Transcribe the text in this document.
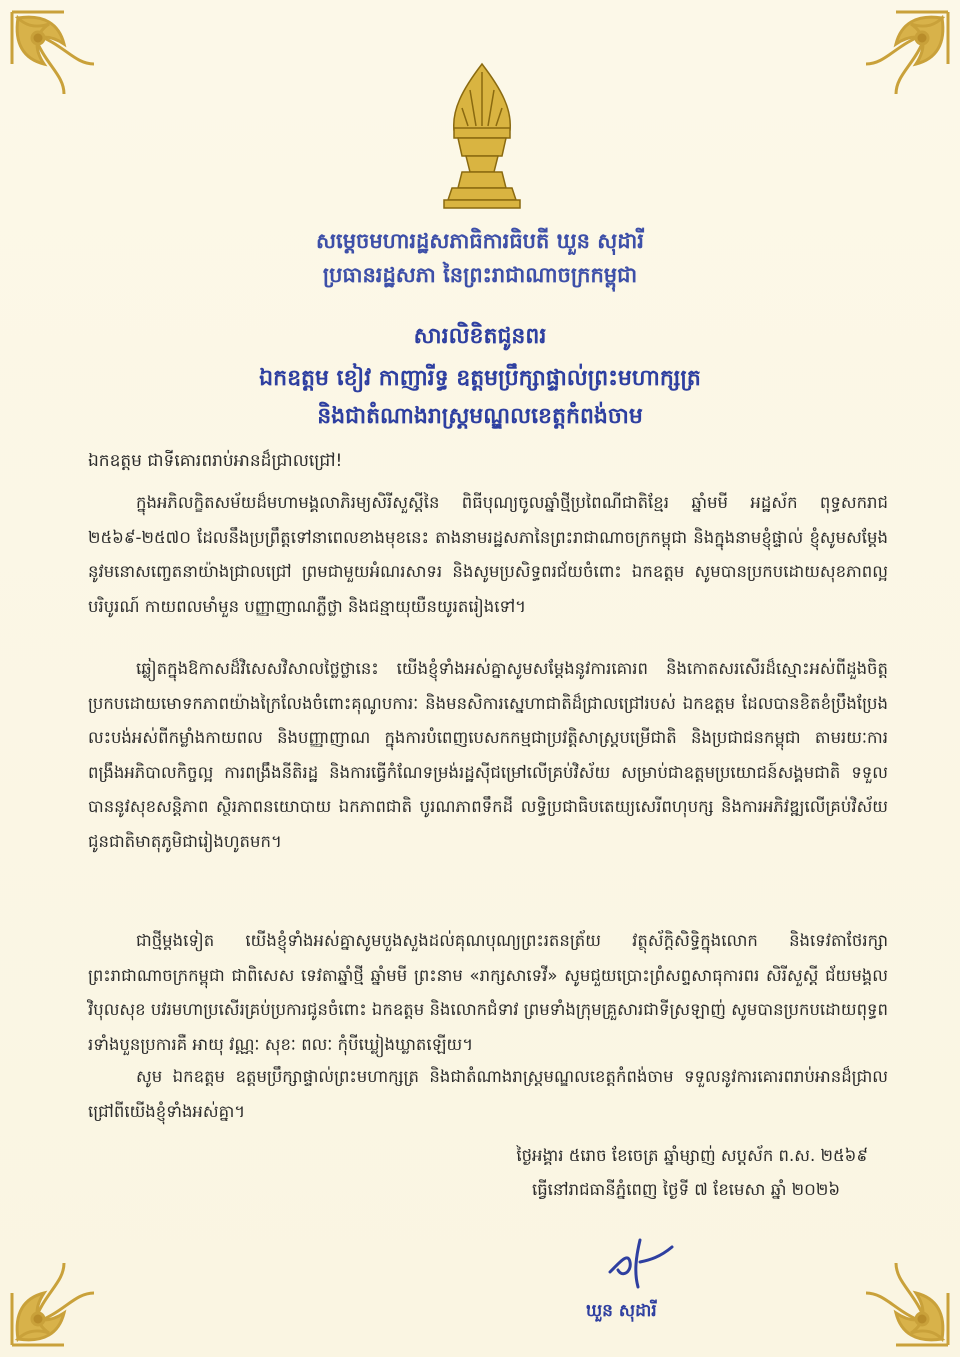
សម្តេចមហារដ្ឋសភាធិការធិបតី ឃួន សុដារី
ប្រធានរដ្ឋសភា នៃព្រះរាជាណាចក្រកម្ពុជា
សារលិខិតជូនពរ
ឯកឧត្តម ខៀវ កាញារីទ្ធ ឧត្តមប្រឹក្សាផ្ទាល់ព្រះមហាក្សត្រ
និងជាតំណាងរាស្ត្រមណ្ឌលខេត្តកំពង់ចាម
ឯកឧត្តម ជាទីគោរពរាប់អានដ៏ជ្រាលជ្រៅ!

ក្នុងអភិលក្ខិតសម័យដ៏មហាមង្គលាភិរម្យសិរីសួស្តីនៃ ពិធីបុណ្យចូលឆ្នាំថ្មីប្រពៃណីជាតិខ្មែរ ឆ្នាំមមី អដ្ឋស័ក ពុទ្ធសករាជ ២៥៦៩-២៥៧០ ដែលនឹងប្រព្រឹត្តទៅនាពេលខាងមុខនេះ តាងនាមរដ្ឋសភានៃព្រះរាជាណាចក្រកម្ពុជា និងក្នុងនាមខ្ញុំផ្ទាល់ ខ្ញុំសូមសម្តែងនូវមនោសញ្ចេតនាយ៉ាងជ្រាលជ្រៅ ព្រមជាមួយអំណរសាទរ និងសូមប្រសិទ្ធពរជ័យចំពោះ ឯកឧត្តម សូមបានប្រកបដោយសុខភាពល្អបរិបូរណ៍ កាយពលមាំមួន បញ្ញាញាណភ្លឺថ្លា និងជន្មាយុយឺនយូរតរៀងទៅ។

ឆ្លៀតក្នុងឱកាសដ៏វិសេសវិសាលថ្លៃថ្លានេះ យើងខ្ញុំទាំងអស់គ្នាសូមសម្តែងនូវការគោរព និងកោតសរសើរដ៏ស្មោះអស់ពីដួងចិត្តប្រកបដោយមោទកភាពយ៉ាងក្រៃលែងចំពោះគុណូបការៈ និងមនសិការស្នេហាជាតិដ៏ជ្រាលជ្រៅរបស់ ឯកឧត្តម ដែលបានខិតខំប្រឹងប្រែងលះបង់អស់ពីកម្លាំងកាយពល និងបញ្ញាញាណ ក្នុងការបំពេញបេសកកម្មជាប្រវត្តិសាស្ត្របម្រើជាតិ និងប្រជាជនកម្ពុជា តាមរយៈការពង្រឹងអភិបាលកិច្ចល្អ ការពង្រឹងនីតិរដ្ឋ និងការធ្វើកំណែទម្រង់រដ្ឋស៊ីជម្រៅលើគ្រប់វិស័យ សម្រាប់ជាឧត្តមប្រយោជន៍សង្គមជាតិ ទទួលបាននូវសុខសន្តិភាព ស្ថិរភាពនយោបាយ ឯកភាពជាតិ បូរណភាពទឹកដី លទ្ធិប្រជាធិបតេយ្យសេរីពហុបក្ស និងការអភិវឌ្ឍលើគ្រប់វិស័យ ជូនជាតិមាតុភូមិជារៀងហូតមក។

ជាថ្មីម្តងទៀត យើងខ្ញុំទាំងអស់គ្នាសូមបួងសួងដល់គុណបុណ្យព្រះរតនត្រ័យ វត្ថុស័ក្តិសិទ្ធិក្នុងលោក និងទេវតាថែរក្សាព្រះរាជាណាចក្រកម្ពុជា ជាពិសេស ទេវតាឆ្នាំថ្មី ឆ្នាំមមី ព្រះនាម «រាក្សសាទេវី» សូមជួយប្រោះព្រំសព្ទសាធុការពរ សិរីសួស្តី ជ័យមង្គល វិបុលសុខ បវរមហាប្រសើរគ្រប់ប្រការជូនចំពោះ ឯកឧត្តម និងលោកជំទាវ ព្រមទាំងក្រុមគ្រួសារជាទីស្រឡាញ់ សូមបានប្រកបដោយពុទ្ធពរទាំងបួនប្រការគឺ អាយុ វណ្ណៈ សុខៈ ពលៈ កុំបីឃ្លៀងឃ្លាតឡើយ។

សូម ឯកឧត្តម ឧត្តមប្រឹក្សាផ្ទាល់ព្រះមហាក្សត្រ និងជាតំណាងរាស្ត្រមណ្ឌលខេត្តកំពង់ចាម ទទួលនូវការគោរពរាប់អានដ៏ជ្រាលជ្រៅពីយើងខ្ញុំទាំងអស់គ្នា។

ថ្ងៃអង្គារ ៥រោច ខែចេត្រ ឆ្នាំម្សាញ់ សប្តស័ក ព.ស. ២៥៦៩
ធ្វើនៅរាជធានីភ្នំពេញ ថ្ងៃទី ៧ ខែមេសា ឆ្នាំ ២០២៦
ឃួន សុដារី
